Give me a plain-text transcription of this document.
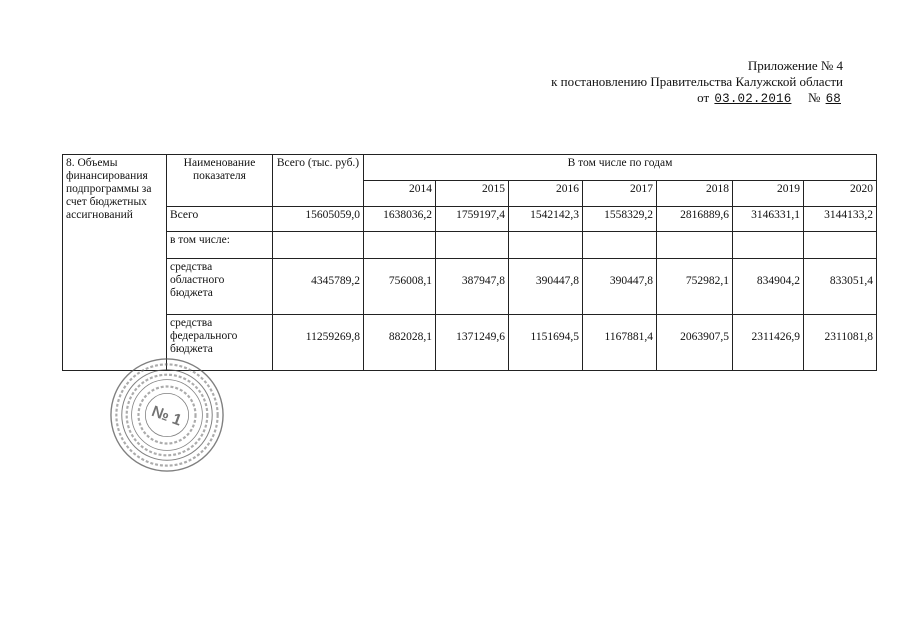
Приложение № 4
к постановлению Правительства Калужской области
от 03.02.2016 № 68
8. Объемы финансирования подпрограммы за счет бюджетных ассигнований	Наименование показателя	Всего (тыс. руб.)	В том числе по годам						
			2014	2015	2016	2017	2018	2019	2020
	Всего	15605059,0	1638036,2	1759197,4	1542142,3	1558329,2	2816889,6	3146331,1	3144133,2
	в том числе:								
	средства областного бюджета	4345789,2	756008,1	387947,8	390447,8	390447,8	752982,1	834904,2	833051,4
	средства федерального бюджета	11259269,8	882028,1	1371249,6	1151694,5	1167881,4	2063907,5	2311426,9	2311081,8
№ 1
